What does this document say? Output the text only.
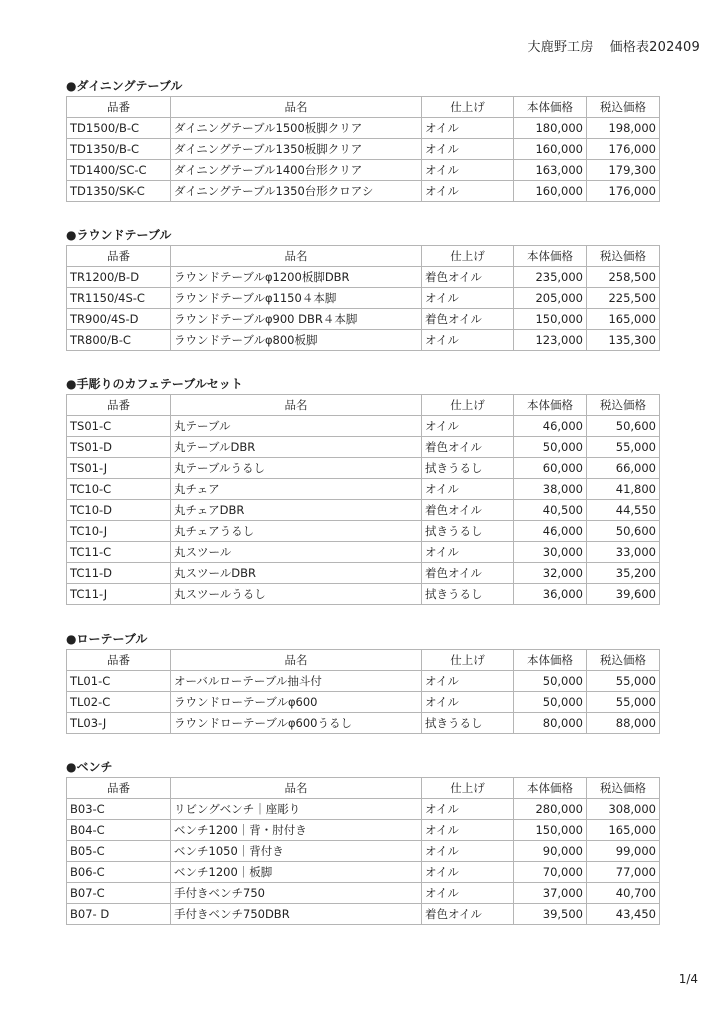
大鹿野工房 価格表202409
●ダイニングテーブル
品番	品名	仕上げ	本体価格	税込価格
TD1500/B-C	ダイニングテーブル1500板脚クリア	オイル	180,000	198,000
TD1350/B-C	ダイニングテーブル1350板脚クリア	オイル	160,000	176,000
TD1400/SC-C	ダイニングテーブル1400台形クリア	オイル	163,000	179,300
TD1350/SK-C	ダイニングテーブル1350台形クロアシ	オイル	160,000	176,000
●ラウンドテーブル
品番	品名	仕上げ	本体価格	税込価格
TR1200/B-D	ラウンドテーブルφ1200板脚DBR	着色オイル	235,000	258,500
TR1150/4S-C	ラウンドテーブルφ1150４本脚	オイル	205,000	225,500
TR900/4S-D	ラウンドテーブルφ900 DBR４本脚	着色オイル	150,000	165,000
TR800/B-C	ラウンドテーブルφ800板脚	オイル	123,000	135,300
●手彫りのカフェテーブルセット
品番	品名	仕上げ	本体価格	税込価格
TS01-C	丸テーブル	オイル	46,000	50,600
TS01-D	丸テーブルDBR	着色オイル	50,000	55,000
TS01-J	丸テーブルうるし	拭きうるし	60,000	66,000
TC10-C	丸チェア	オイル	38,000	41,800
TC10-D	丸チェアDBR	着色オイル	40,500	44,550
TC10-J	丸チェアうるし	拭きうるし	46,000	50,600
TC11-C	丸スツール	オイル	30,000	33,000
TC11-D	丸スツールDBR	着色オイル	32,000	35,200
TC11-J	丸スツールうるし	拭きうるし	36,000	39,600
●ローテーブル
品番	品名	仕上げ	本体価格	税込価格
TL01-C	オーバルローテーブル抽斗付	オイル	50,000	55,000
TL02-C	ラウンドローテーブルφ600	オイル	50,000	55,000
TL03-J	ラウンドローテーブルφ600うるし	拭きうるし	80,000	88,000
●ベンチ
品番	品名	仕上げ	本体価格	税込価格
B03-C	リビングベンチ｜座彫り	オイル	280,000	308,000
B04-C	ベンチ1200｜背・肘付き	オイル	150,000	165,000
B05-C	ベンチ1050｜背付き	オイル	90,000	99,000
B06-C	ベンチ1200｜板脚	オイル	70,000	77,000
B07-C	手付きベンチ750	オイル	37,000	40,700
B07- D	手付きベンチ750DBR	着色オイル	39,500	43,450
1/4
